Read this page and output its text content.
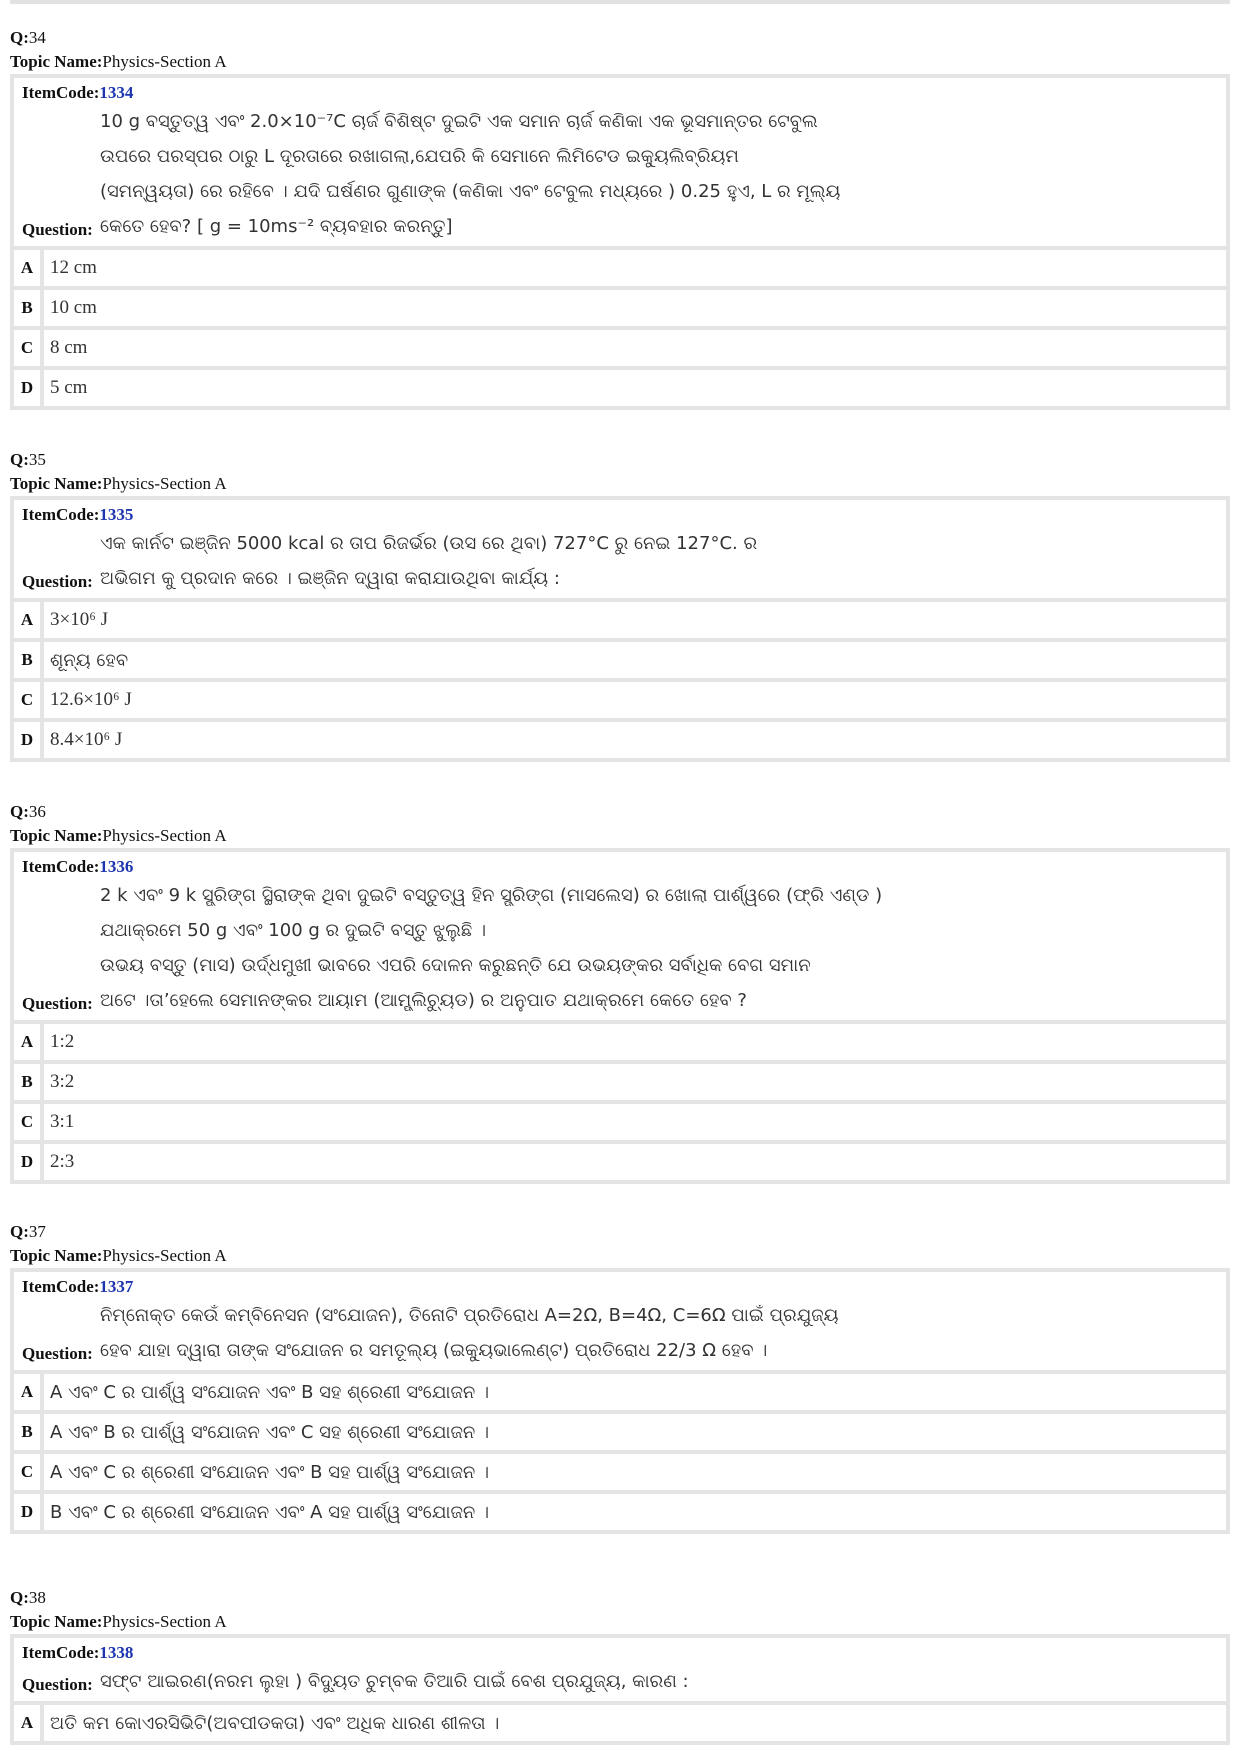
Q:34
Topic Name:Physics-Section A
ItemCode:1334
Question:
10 g ବସ୍ତୁତ୍ୱ ଏବଂ 2.0×10⁻⁷C ଚାର୍ଜ ବିଶିଷ୍ଟ ଦୁଇଟି ଏକ ସମାନ ଚାର୍ଜ କଣିକା ଏକ ଭୂସମାନ୍ତର ଟେବୁଲ
ଉପରେ ପରସ୍ପର ଠାରୁ L ଦୂରତାରେ ରଖାଗଲା,ଯେପରି କି ସେମାନେ ଲିମିଟେଡ ଇକ୍ୟୁଲିବ୍ରିୟମ
(ସମନ୍ୱୟତା) ରେ ରହିବେ । ଯଦି ଘର୍ଷଣର ଗୁଣାଙ୍କ (କଣିକା ଏବଂ ଟେବୁଲ ମଧ୍ୟରେ ) 0.25 ହୁଏ, L ର ମୂଲ୍ୟ
କେତେ ହେବ? [ g = 10ms⁻² ବ୍ୟବହାର କରନ୍ତୁ]
A 12 cm
B 10 cm
C 8 cm
D 5 cm
Q:35
Topic Name:Physics-Section A
ItemCode:1335
Question:
ଏକ କାର୍ନଟ ଇଞ୍ଜିନ 5000 kcal ର ତାପ ରିଜର୍ଭର (ଉସ ରେ ଥିବା) 727°C ରୁ ନେଇ 127°C. ର
ଅଭିଗମ କୁ ପ୍ରଦାନ କରେ । ଇଞ୍ଜିନ ଦ୍ୱାରା କରାଯାଉଥିବା କାର୍ଯ୍ୟ :
A 3×10⁶ J
B ଶୂନ୍ୟ ହେବ
C 12.6×10⁶ J
D 8.4×10⁶ J
Q:36
Topic Name:Physics-Section A
ItemCode:1336
Question:
2 k ଏବଂ 9 k ସ୍ପ୍ରିଙ୍ଗ ସ୍ଥିରାଙ୍କ ଥିବା ଦୁଇଟି ବସ୍ତୁତ୍ୱ ହିନ ସ୍ପ୍ରିଙ୍ଗ (ମାସଲେସ) ର ଖୋଲା ପାର୍ଶ୍ୱରେ (ଫ୍ରି ଏଣ୍ଡ )
ଯଥାକ୍ରମେ 50 g ଏବଂ 100 g ର ଦୁଇଟି ବସ୍ତୁ ଝୁଲୁଛି ।
ଉଭୟ ବସ୍ତୁ (ମାସ) ଉର୍ଦ୍ଧମୁଖୀ ଭାବରେ ଏପରି ଦୋଳନ କରୁଛନ୍ତି ଯେ ଉଭୟଙ୍କର ସର୍ବାଧିକ ବେଗ ସମାନ
ଅଟେ ।ତା’ହେଲେ ସେମାନଙ୍କର ଆୟାମ (ଆମ୍ପ୍ଲିଚ୍ୟୁଡ) ର ଅନୁପାତ ଯଥାକ୍ରମେ କେତେ ହେବ ?
A 1:2
B 3:2
C 3:1
D 2:3
Q:37
Topic Name:Physics-Section A
ItemCode:1337
Question:
ନିମ୍ନୋକ୍ତ କେଉଁ କମ୍ବିନେସନ (ସଂଯୋଜନ), ତିନୋଟି ପ୍ରତିରୋଧ A=2Ω, B=4Ω, C=6Ω ପାଇଁ ପ୍ରଯୁଜ୍ୟ
ହେବ ଯାହା ଦ୍ୱାରା ତାଙ୍କ ସଂଯୋଜନ ର ସମତୂଲ୍ୟ (ଇକ୍ୟୁଭାଲେଣ୍ଟ) ପ୍ରତିରୋଧ 22/3 Ω ହେବ ।
A A ଏବଂ C ର ପାର୍ଶ୍ୱ ସଂଯୋଜନ ଏବଂ B ସହ ଶ୍ରେଣୀ ସଂଯୋଜନ ।
B A ଏବଂ B ର ପାର୍ଶ୍ୱ ସଂଯୋଜନ ଏବଂ C ସହ ଶ୍ରେଣୀ ସଂଯୋଜନ ।
C A ଏବଂ C ର ଶ୍ରେଣୀ ସଂଯୋଜନ ଏବଂ B ସହ ପାର୍ଶ୍ୱ ସଂଯୋଜନ ।
D B ଏବଂ C ର ଶ୍ରେଣୀ ସଂଯୋଜନ ଏବଂ A ସହ ପାର୍ଶ୍ୱ ସଂଯୋଜନ ।
Q:38
Topic Name:Physics-Section A
ItemCode:1338
Question: ସଫ୍ଟ ଆଇରଣ(ନରମ ଲୁହା ) ବିଦ୍ୟୁତ ଚୁମ୍ବକ ତିଆରି ପାଇଁ ବେଶ ପ୍ରଯୁଜ୍ୟ, କାରଣ :
A ଅତି କମ କୋଏରସିଭିଟି(ଅବପୀଡକତା) ଏବଂ ଅଧିକ ଧାରଣ ଶୀଳତା ।
